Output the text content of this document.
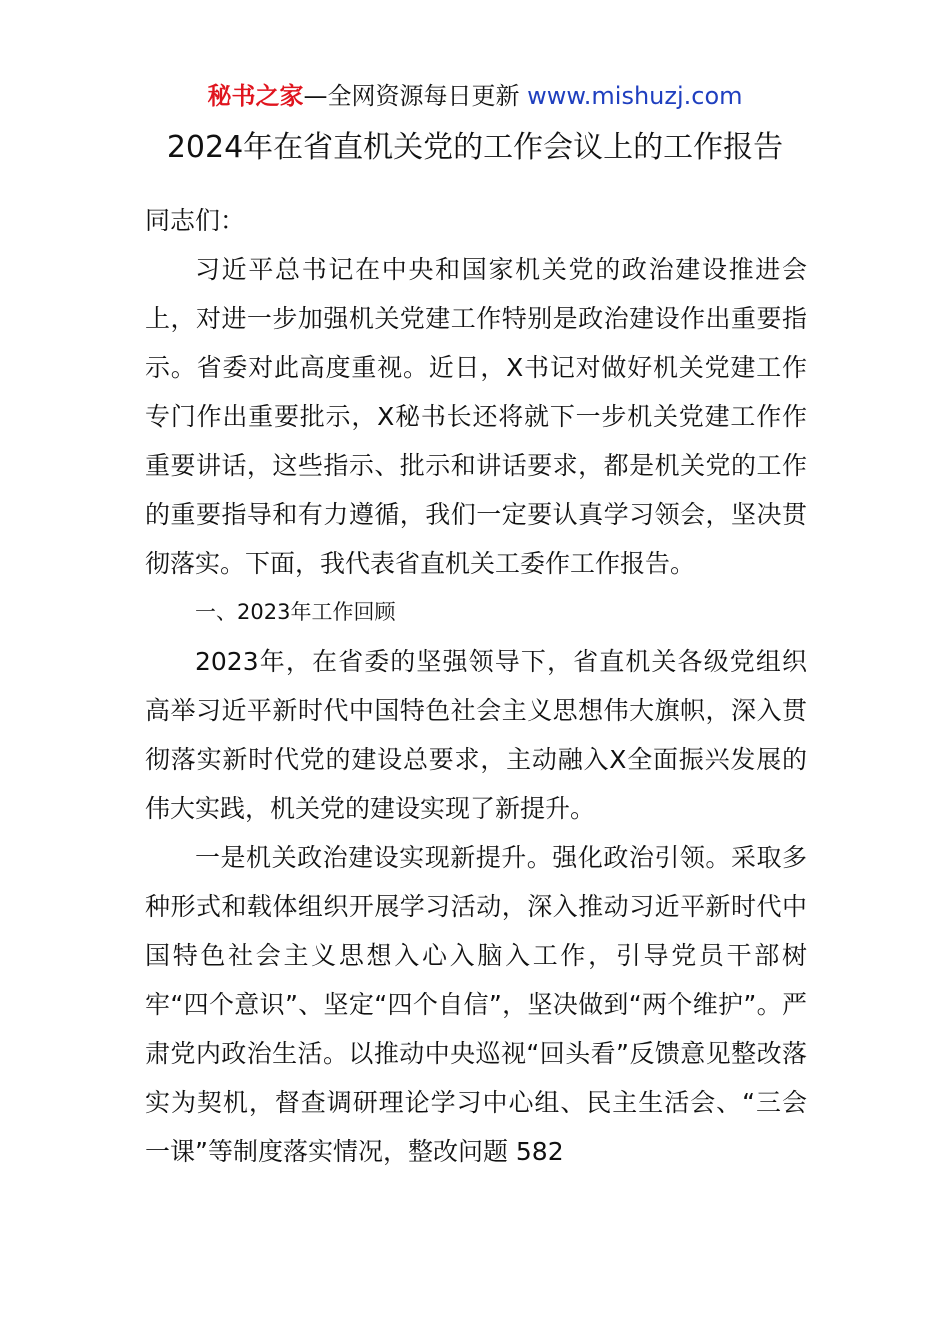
秘书之家—全网资源每日更新 www.mishuzj.com
2024年在省直机关党的工作会议上的工作报告

同志们：

习近平总书记在中央和国家机关党的政治建设推进会上，对进一步加强机关党建工作特别是政治建设作出重要指示。省委对此高度重视。近日，X书记对做好机关党建工作专门作出重要批示，X秘书长还将就下一步机关党建工作作重要讲话，这些指示、批示和讲话要求，都是机关党的工作的重要指导和有力遵循，我们一定要认真学习领会，坚决贯彻落实。下面，我代表省直机关工委作工作报告。

一、2023年工作回顾

2023年，在省委的坚强领导下，省直机关各级党组织高举习近平新时代中国特色社会主义思想伟大旗帜，深入贯彻落实新时代党的建设总要求，主动融入X全面振兴发展的伟大实践，机关党的建设实现了新提升。

一是机关政治建设实现新提升。强化政治引领。采取多种形式和载体组织开展学习活动，深入推动习近平新时代中国特色社会主义思想入心入脑入工作，引导党员干部树牢“四个意识”、坚定“四个自信”，坚决做到“两个维护”。严肃党内政治生活。以推动中央巡视“回头看”反馈意见整改落实为契机，督查调研理论学习中心组、民主生活会、“三会一课”等制度落实情况，整改问题 582
